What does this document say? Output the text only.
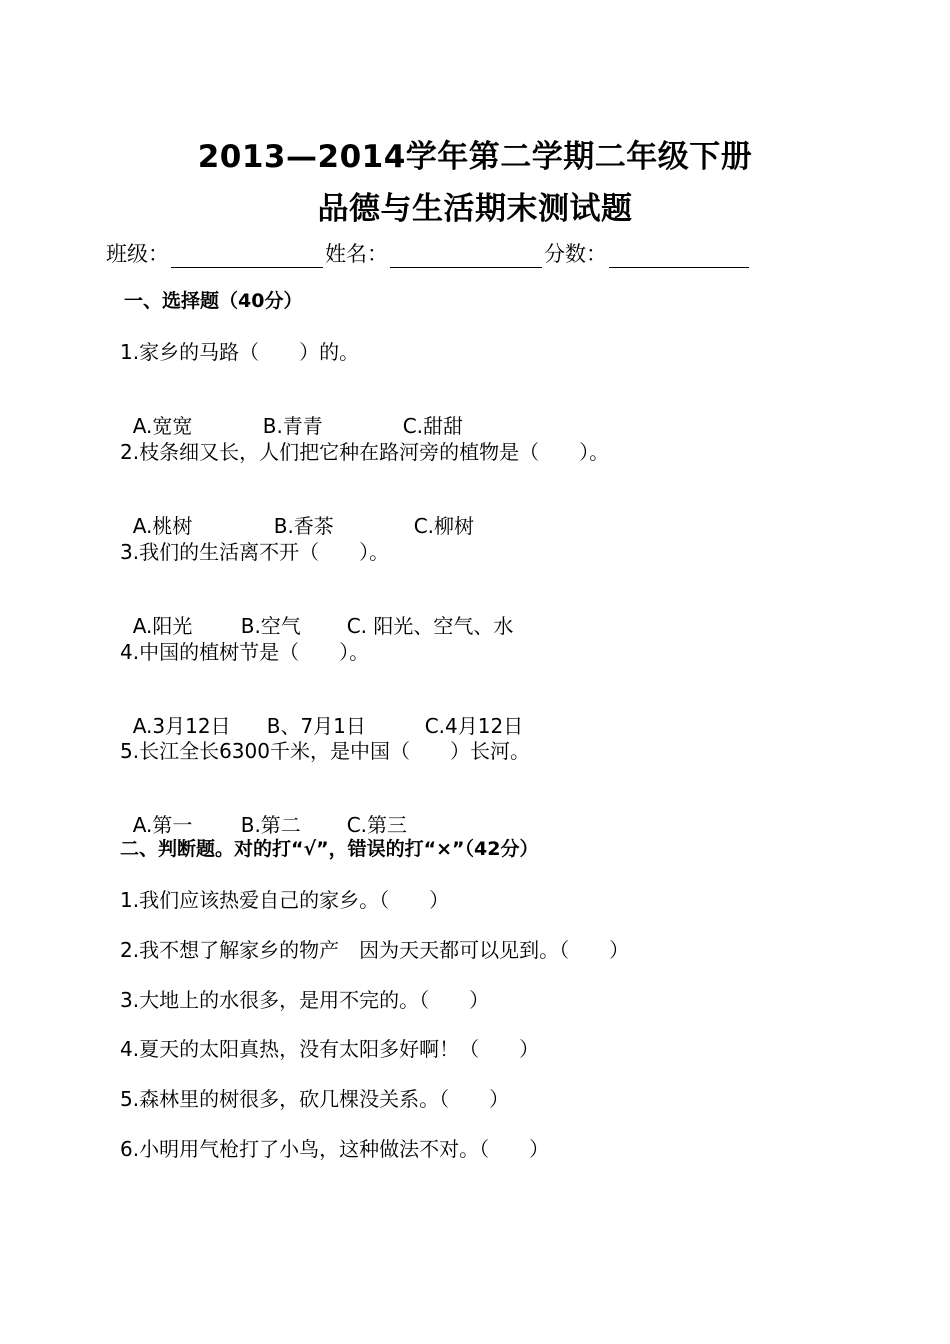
2013—2014学年第二学期二年级下册
品德与生活期末测试题
班级：	姓名：	分数：
一、选择题（40分）
1.家乡的马路（　　）的。

A.宽宽	B.青青	C.甜甜

2.枝条细又长，人们把它种在路河旁的植物是（　　）。

A.桃树	B.香茶	C.柳树

3.我们的生活离不开（　　）。

A.阳光 B.空气 C. 阳光、空气、水

4.中国的植树节是（　　）。

A.3月12日 B、7月1日	C.4月12日

5.长江全长6300千米，是中国（　　）长河。

A.第一 B.第二 C.第三

二、判断题。对的打“√”，错误的打“×”（42分）
1.我们应该热爱自己的家乡。（　　）
2.我不想了解家乡的物产　因为天天都可以见到。（　　）
3.大地上的水很多，是用不完的。（　　）
4.夏天的太阳真热，没有太阳多好啊！（　　）
5.森林里的树很多，砍几棵没关系。（　　）
6.小明用气枪打了小鸟，这种做法不对。（　　）
